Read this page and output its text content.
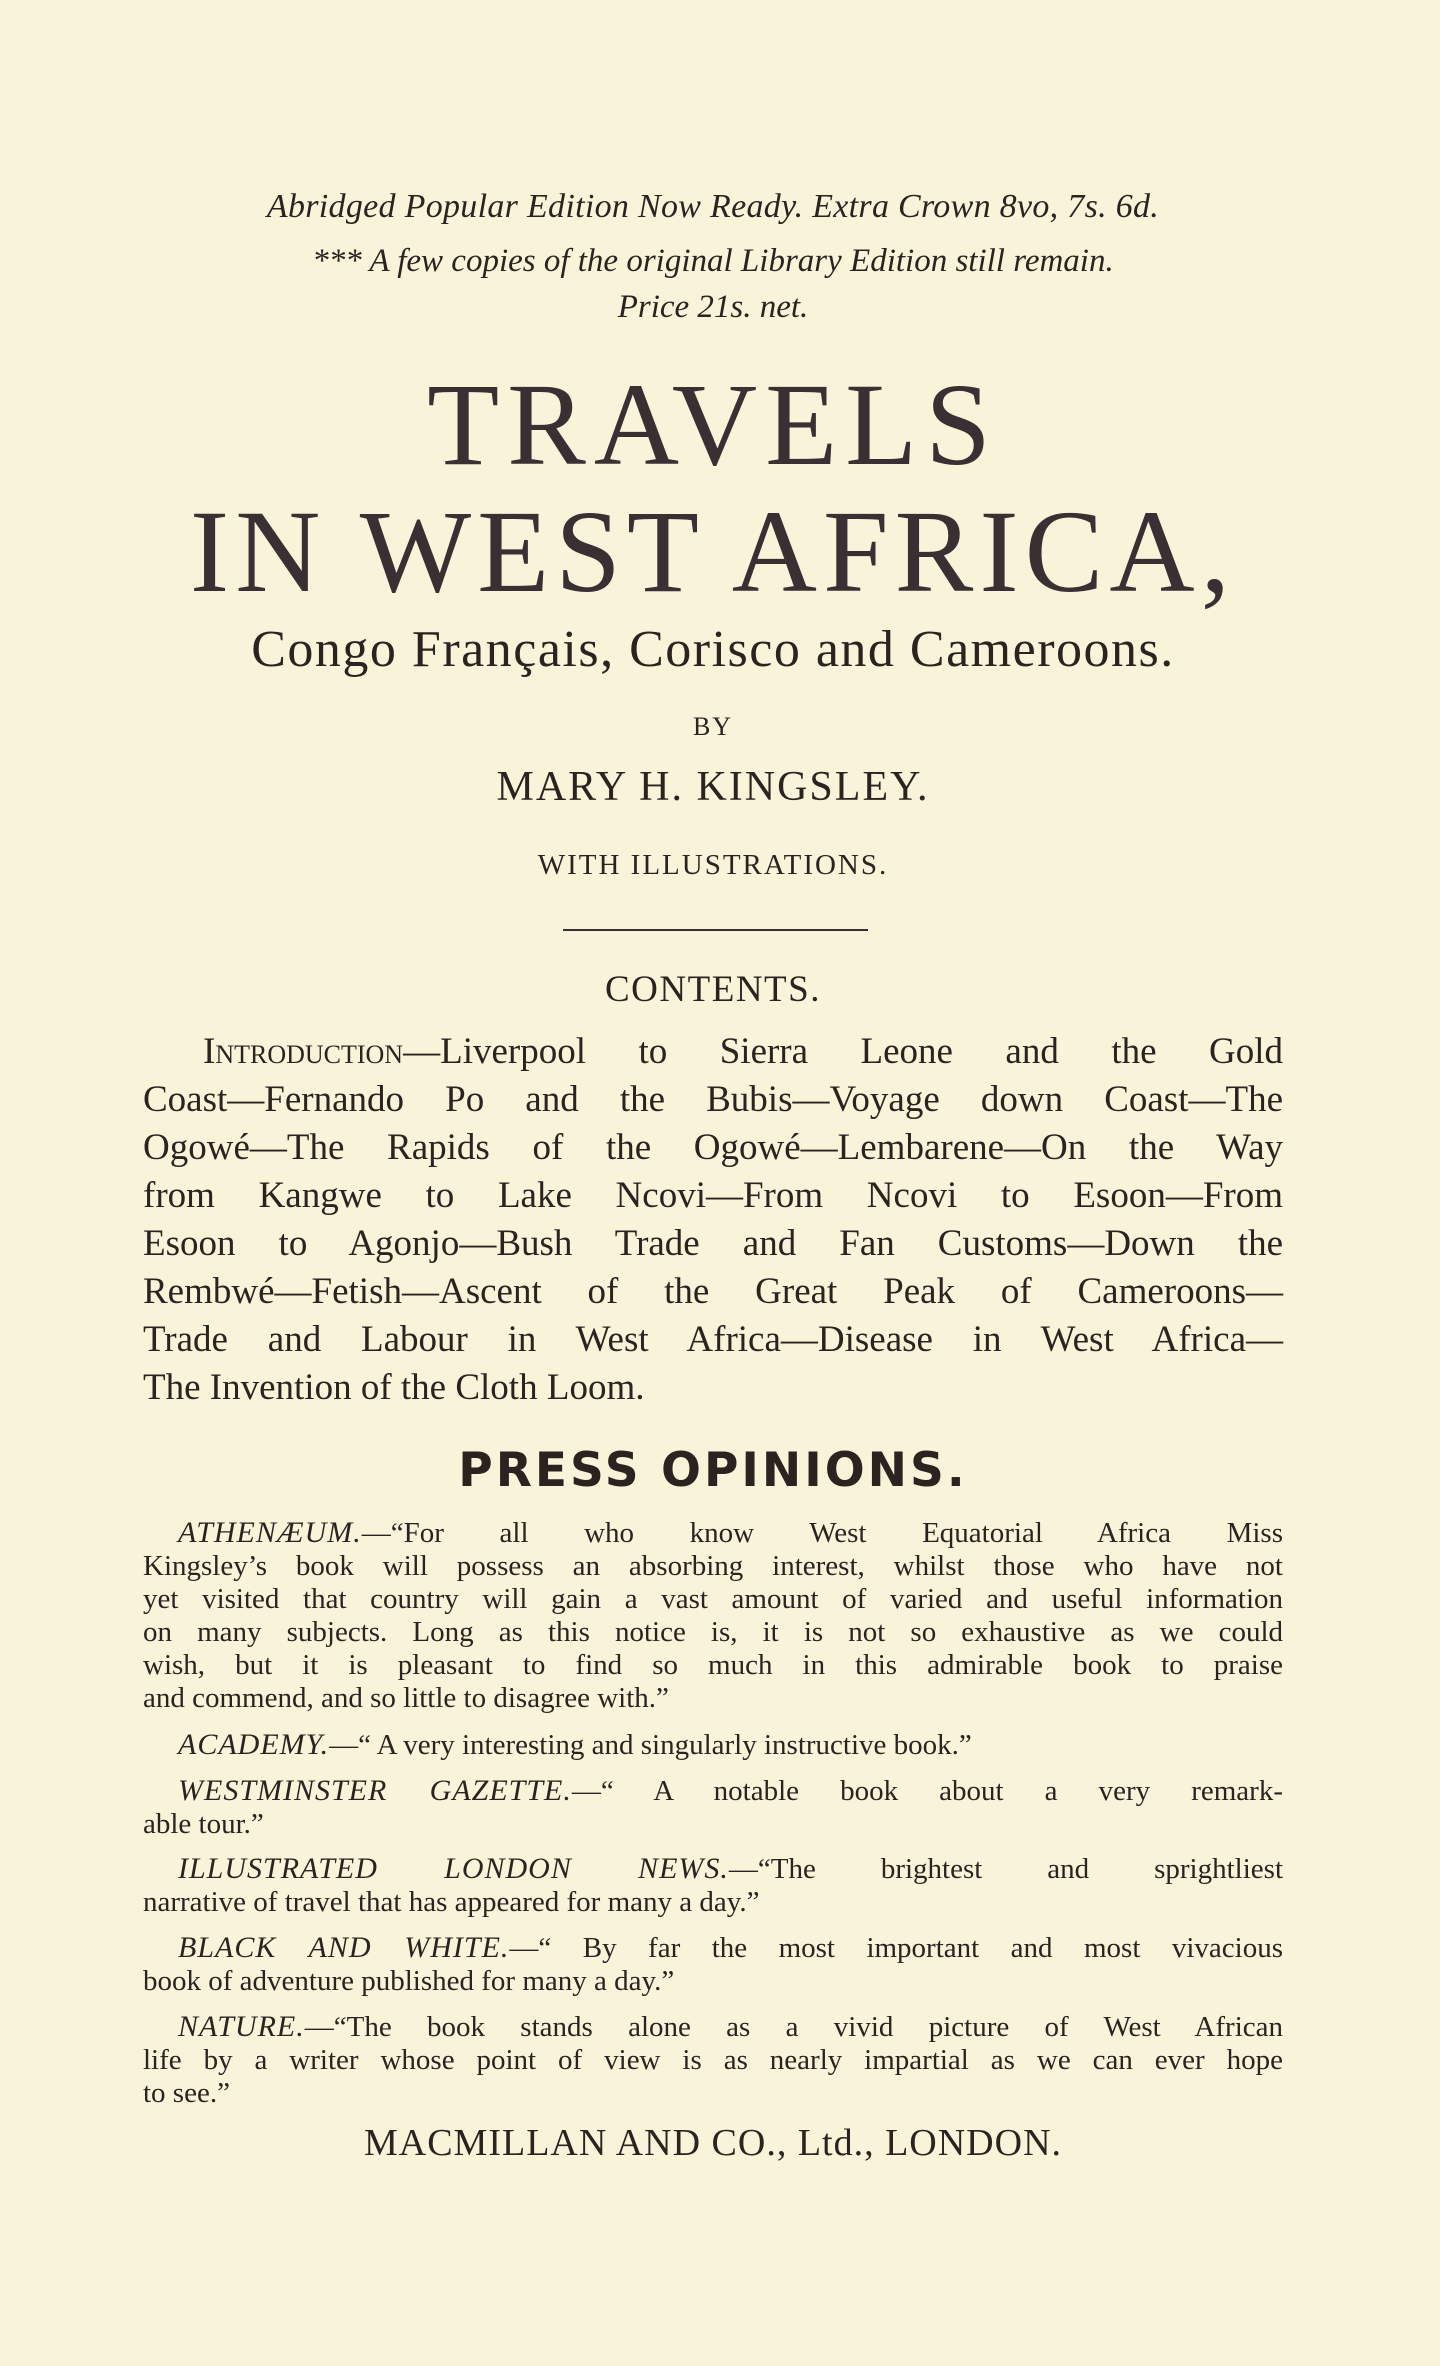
Abridged Popular Edition Now Ready. Extra Crown 8vo, 7s. 6d.
*** A few copies of the original Library Edition still remain.
Price 21s. net.
TRAVELS
IN WEST AFRICA,
Congo Français, Corisco and Cameroons.
BY
MARY H. KINGSLEY.
WITH ILLUSTRATIONS.
CONTENTS.
Introduction—Liverpool to Sierra Leone and the Gold
Coast—Fernando Po and the Bubis—Voyage down Coast—The
Ogowé—The Rapids of the Ogowé—Lembarene—On the Way
from Kangwe to Lake Ncovi—From Ncovi to Esoon—From
Esoon to Agonjo—Bush Trade and Fan Customs—Down the
Rembwé—Fetish—Ascent of the Great Peak of Cameroons—
Trade and Labour in West Africa—Disease in West Africa—
The Invention of the Cloth Loom.
PRESS OPINIONS.
ATHENÆUM.—“For all who know West Equatorial Africa Miss
Kingsley’s book will possess an absorbing interest, whilst those who have not
yet visited that country will gain a vast amount of varied and useful information
on many subjects. Long as this notice is, it is not so exhaustive as we could
wish, but it is pleasant to find so much in this admirable book to praise
and commend, and so little to disagree with.”
ACADEMY.—“ A very interesting and singularly instructive book.”
WESTMINSTER GAZETTE.—“ A notable book about a very remark-
able tour.”
ILLUSTRATED LONDON NEWS.—“The brightest and sprightliest
narrative of travel that has appeared for many a day.”
BLACK AND WHITE.—“ By far the most important and most vivacious
book of adventure published for many a day.”
NATURE.—“The book stands alone as a vivid picture of West African
life by a writer whose point of view is as nearly impartial as we can ever hope
to see.”
MACMILLAN AND CO., Ltd., LONDON.
